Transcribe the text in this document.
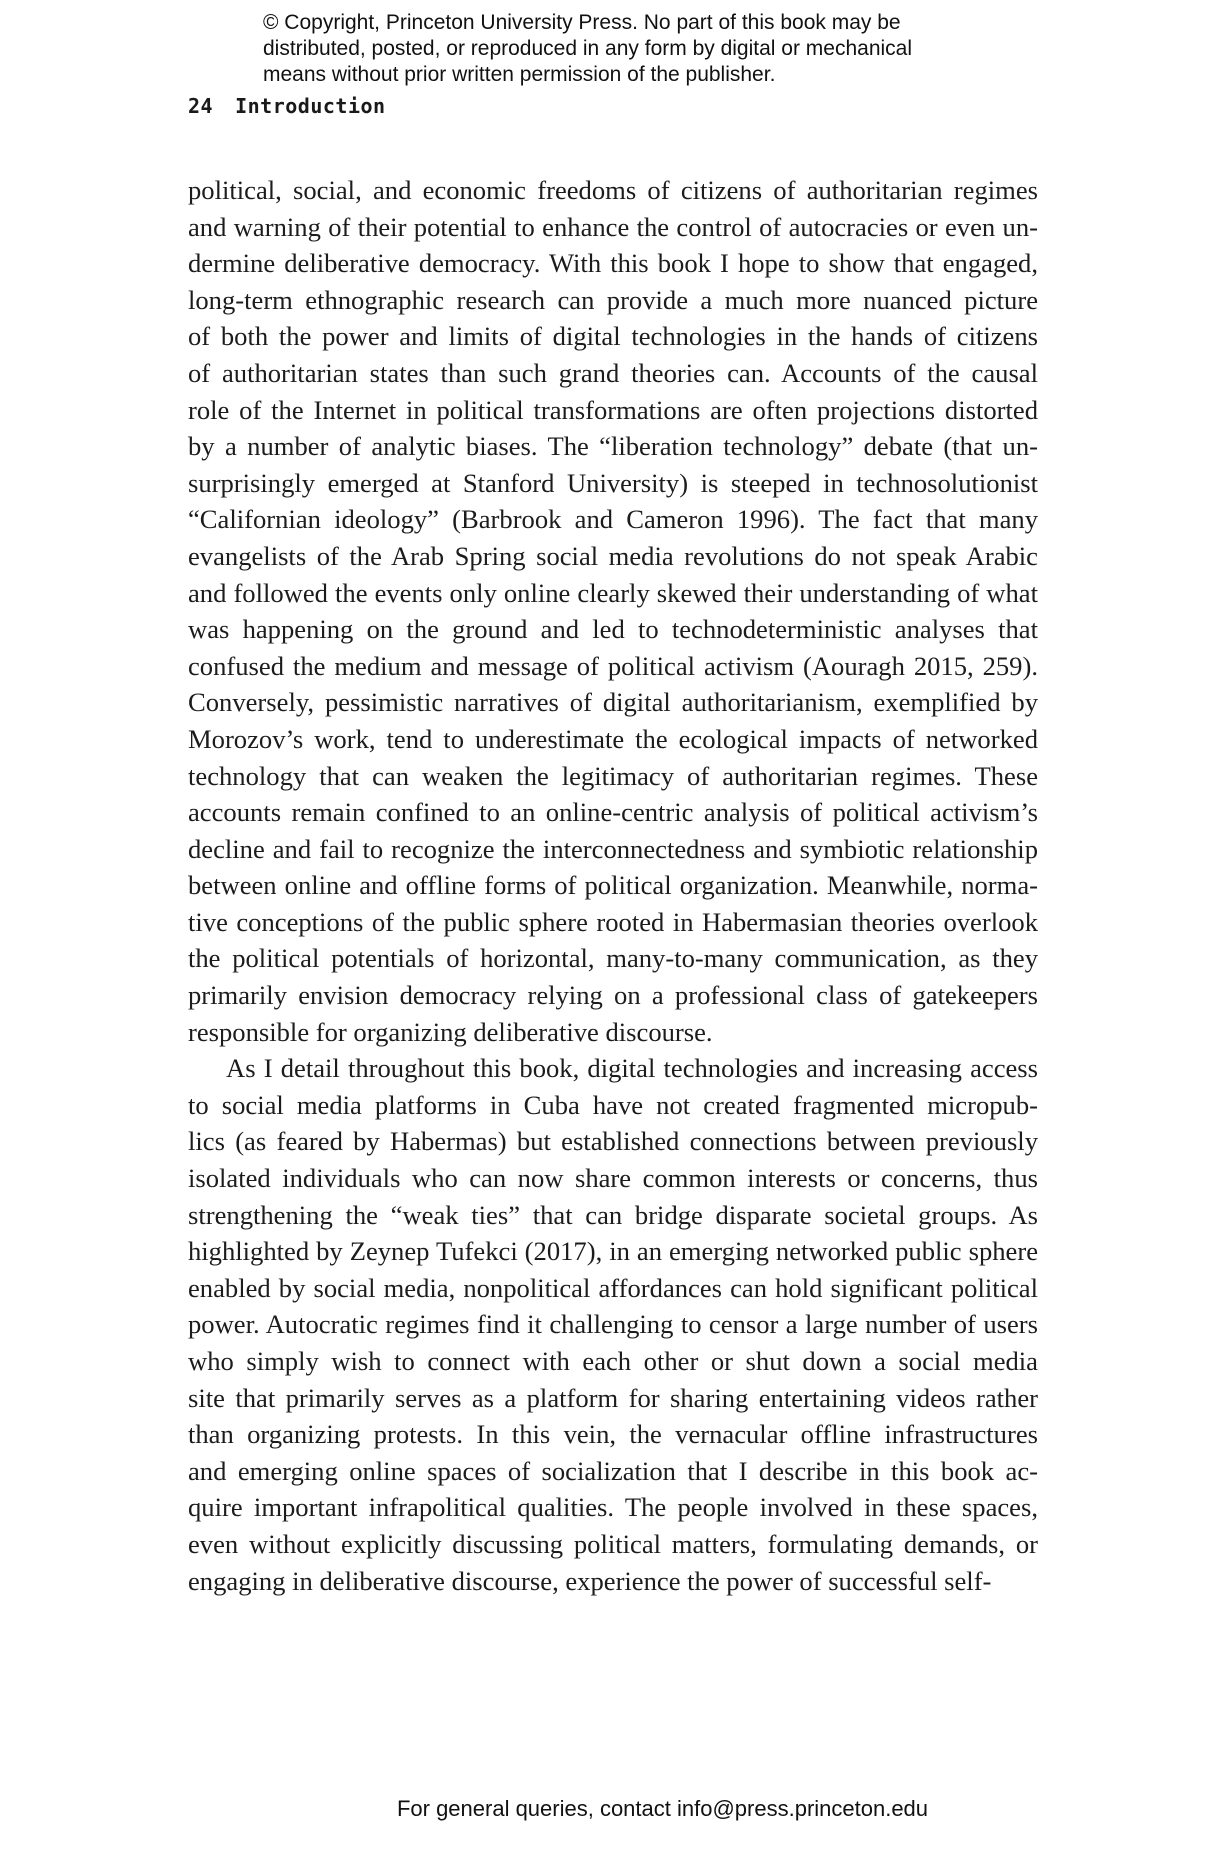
© Copyright, Princeton University Press. No part of this book may be
distributed, posted, or reproduced in any form by digital or mechanical
means without prior written permission of the publisher.
24 Introduction
political, social, and economic freedoms of citizens of authoritarian regimes
and warning of their potential to enhance the control of autocracies or even un-
dermine deliberative democracy. With this book I hope to show that engaged,
long-term ethnographic research can provide a much more nuanced picture
of both the power and limits of digital technologies in the hands of citizens
of authoritarian states than such grand theories can. Accounts of the causal
role of the Internet in political transformations are often projections distorted
by a number of analytic biases. The “liberation technology” debate (that un-
surprisingly emerged at Stanford University) is steeped in technosolutionist
“Californian ideology” (Barbrook and Cameron 1996). The fact that many
evangelists of the Arab Spring social media revolutions do not speak Arabic
and followed the events only online clearly skewed their understanding of what
was happening on the ground and led to technodeterministic analyses that
confused the medium and message of political activism (Aouragh 2015, 259).
Conversely, pessimistic narratives of digital authoritarianism, exemplified by
Morozov’s work, tend to underestimate the ecological impacts of networked
technology that can weaken the legitimacy of authoritarian regimes. These
accounts remain confined to an online-centric analysis of political activism’s
decline and fail to recognize the interconnectedness and symbiotic relationship
between online and offline forms of political organization. Meanwhile, norma-
tive conceptions of the public sphere rooted in Habermasian theories overlook
the political potentials of horizontal, many-to-many communication, as they
primarily envision democracy relying on a professional class of gatekeepers
responsible for organizing deliberative discourse.
As I detail throughout this book, digital technologies and increasing access
to social media platforms in Cuba have not created fragmented micropub-
lics (as feared by Habermas) but established connections between previously
isolated individuals who can now share common interests or concerns, thus
strengthening the “weak ties” that can bridge disparate societal groups. As
highlighted by Zeynep Tufekci (2017), in an emerging networked public sphere
enabled by social media, nonpolitical affordances can hold significant political
power. Autocratic regimes find it challenging to censor a large number of users
who simply wish to connect with each other or shut down a social media
site that primarily serves as a platform for sharing entertaining videos rather
than organizing protests. In this vein, the vernacular offline infrastructures
and emerging online spaces of socialization that I describe in this book ac-
quire important infrapolitical qualities. The people involved in these spaces,
even without explicitly discussing political matters, formulating demands, or
engaging in deliberative discourse, experience the power of successful self-
For general queries, contact info@press.princeton.edu
